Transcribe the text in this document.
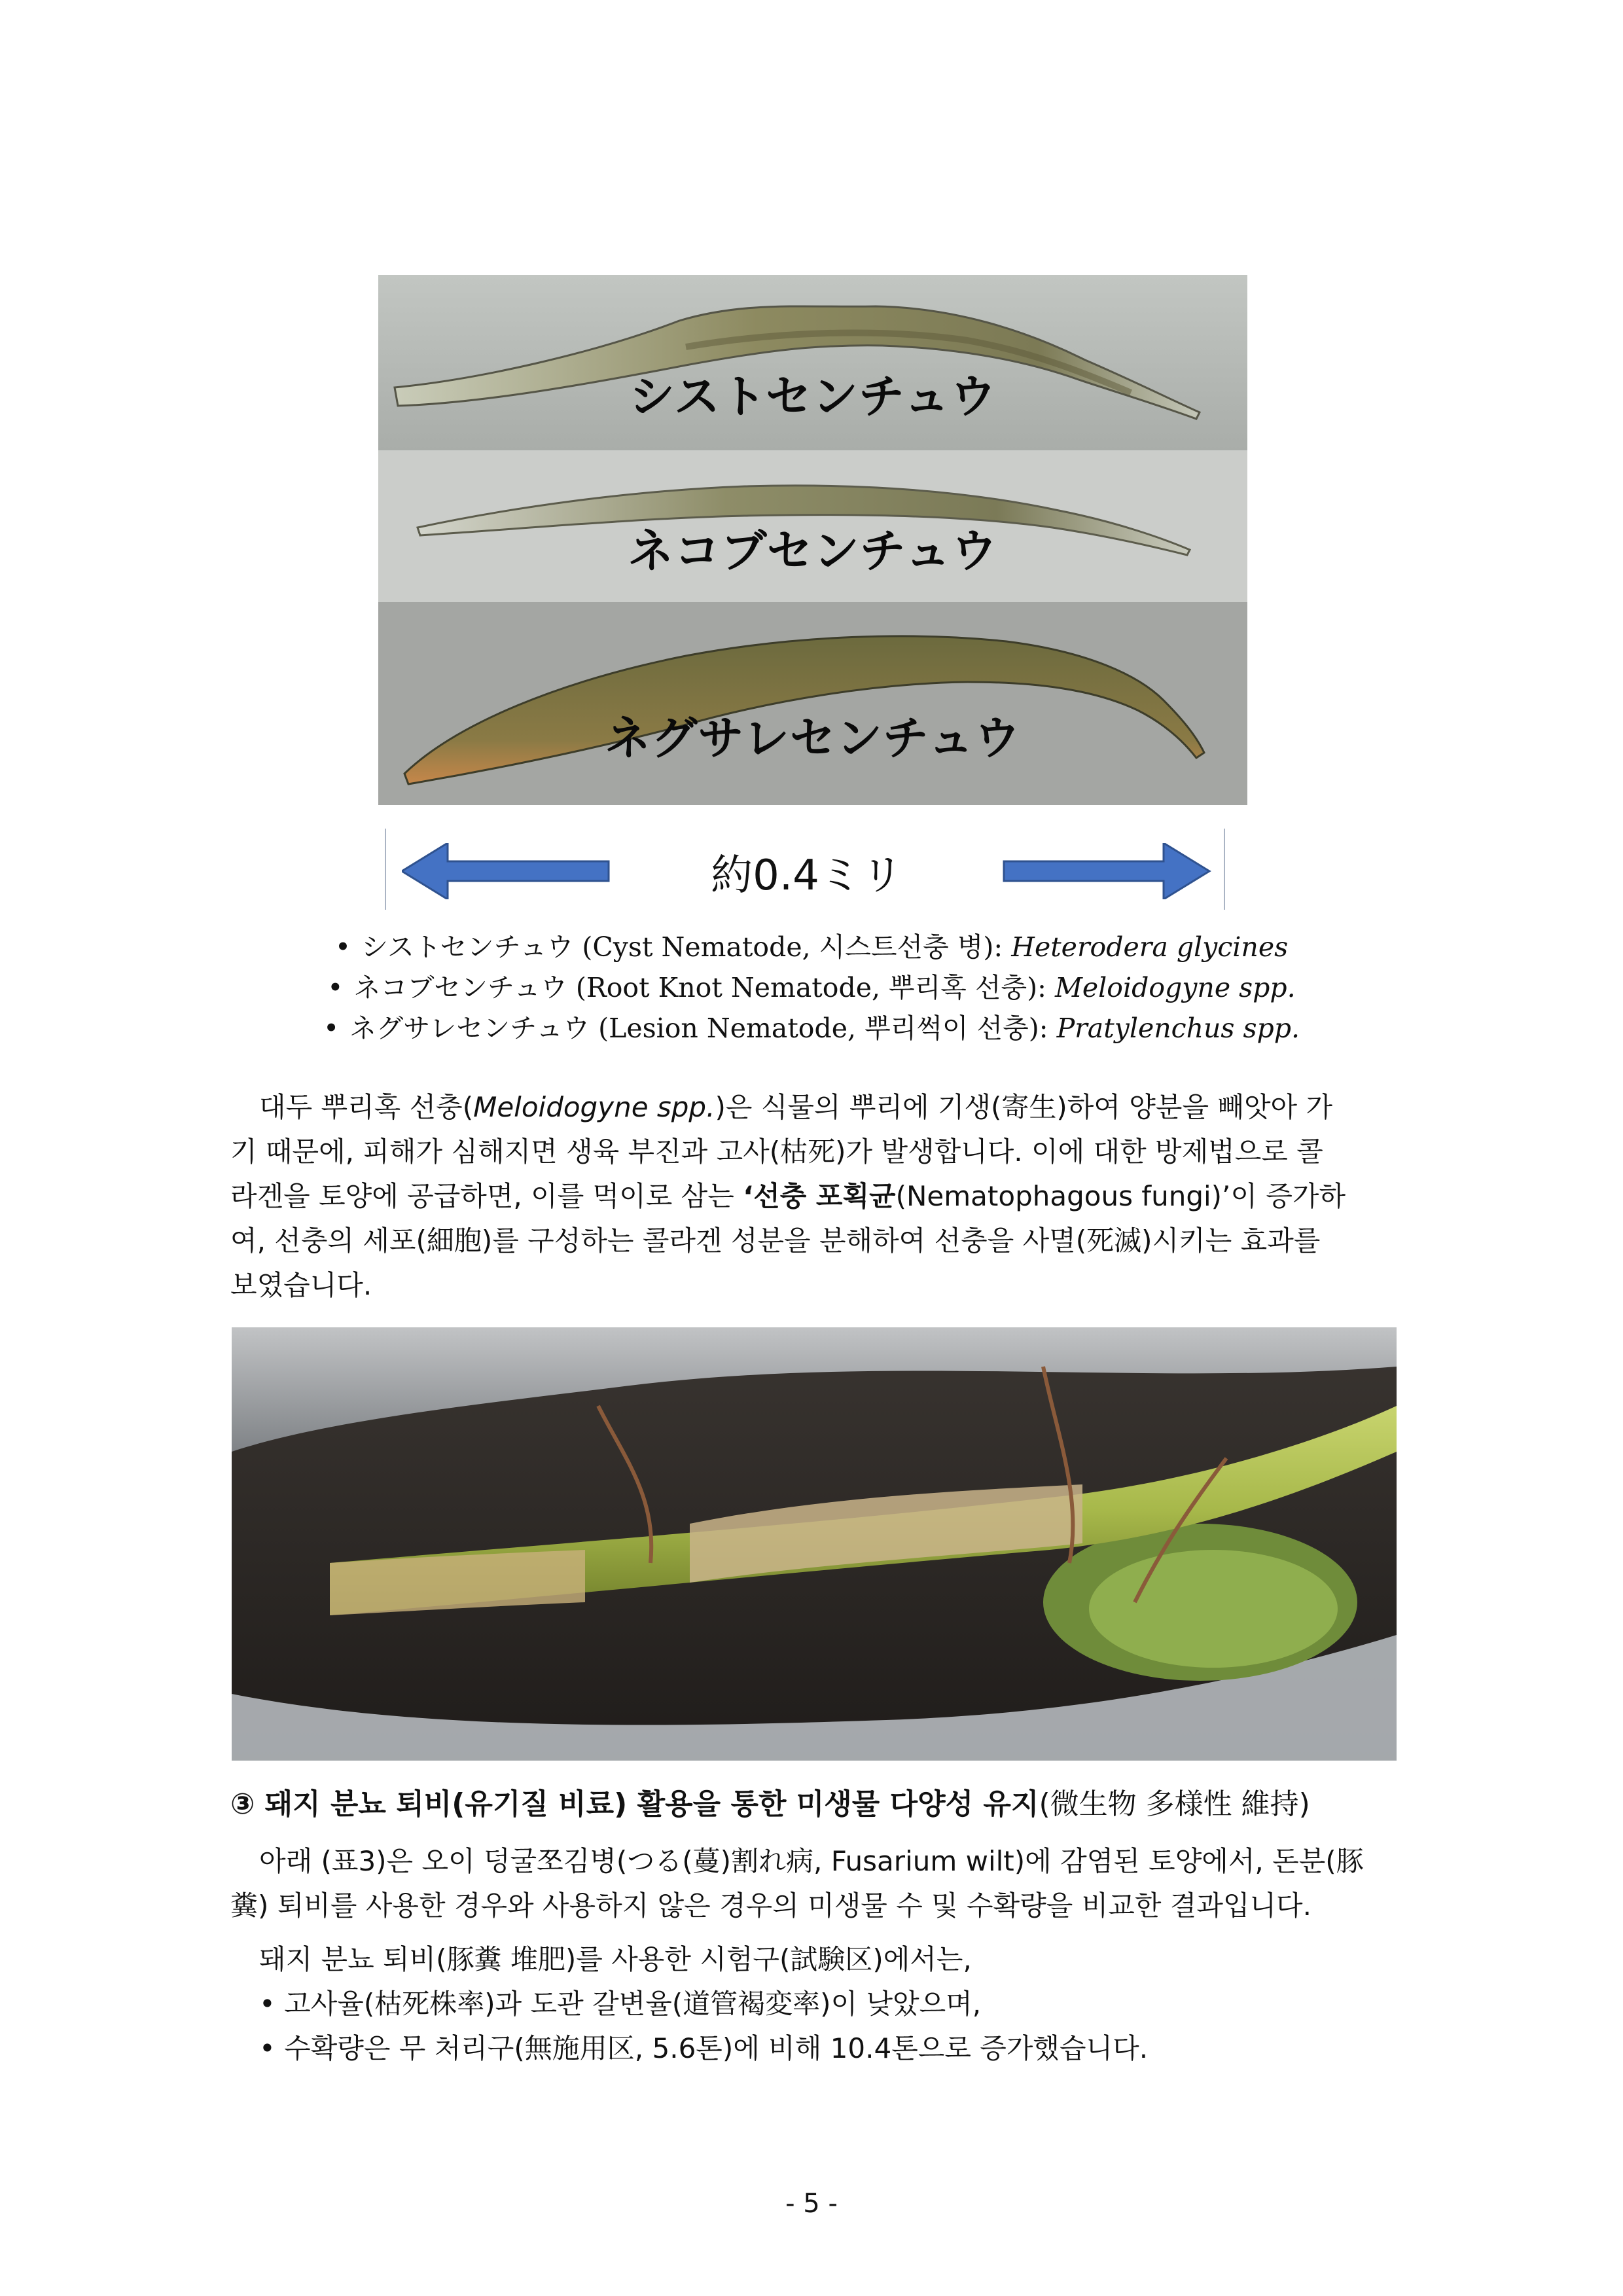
シストセンチュウ
ネコブセンチュウ
ネグサレセンチュウ
約0.4ミリ
• シストセンチュウ (Cyst Nematode, 시스트선충 병): Heterodera glycines
• ネコブセンチュウ (Root Knot Nematode, 뿌리혹 선충): Meloidogyne spp.
• ネグサレセンチュウ (Lesion Nematode, 뿌리썩이 선충): Pratylenchus spp.
대두 뿌리혹 선충(Meloidogyne spp.)은 식물의 뿌리에 기생(寄生)하여 양분을 빼앗아 가
기 때문에, 피해가 심해지면 생육 부진과 고사(枯死)가 발생합니다. 이에 대한 방제법으로 콜
라겐을 토양에 공급하면, 이를 먹이로 삼는 ‘선충 포획균(Nematophagous fungi)’이 증가하
여, 선충의 세포(細胞)를 구성하는 콜라겐 성분을 분해하여 선충을 사멸(死滅)시키는 효과를
보였습니다.
③ 돼지 분뇨 퇴비(유기질 비료) 활용을 통한 미생물 다양성 유지(微生物 多様性 維持)
아래 (표3)은 오이 덩굴쪼김병(つる(蔓)割れ病, Fusarium wilt)에 감염된 토양에서, 돈분(豚
糞) 퇴비를 사용한 경우와 사용하지 않은 경우의 미생물 수 및 수확량을 비교한 결과입니다.
돼지 분뇨 퇴비(豚糞 堆肥)를 사용한 시험구(試験区)에서는,
• 고사율(枯死株率)과 도관 갈변율(道管褐変率)이 낮았으며,
• 수확량은 무 처리구(無施用区, 5.6톤)에 비해 10.4톤으로 증가했습니다.
- 5 -
